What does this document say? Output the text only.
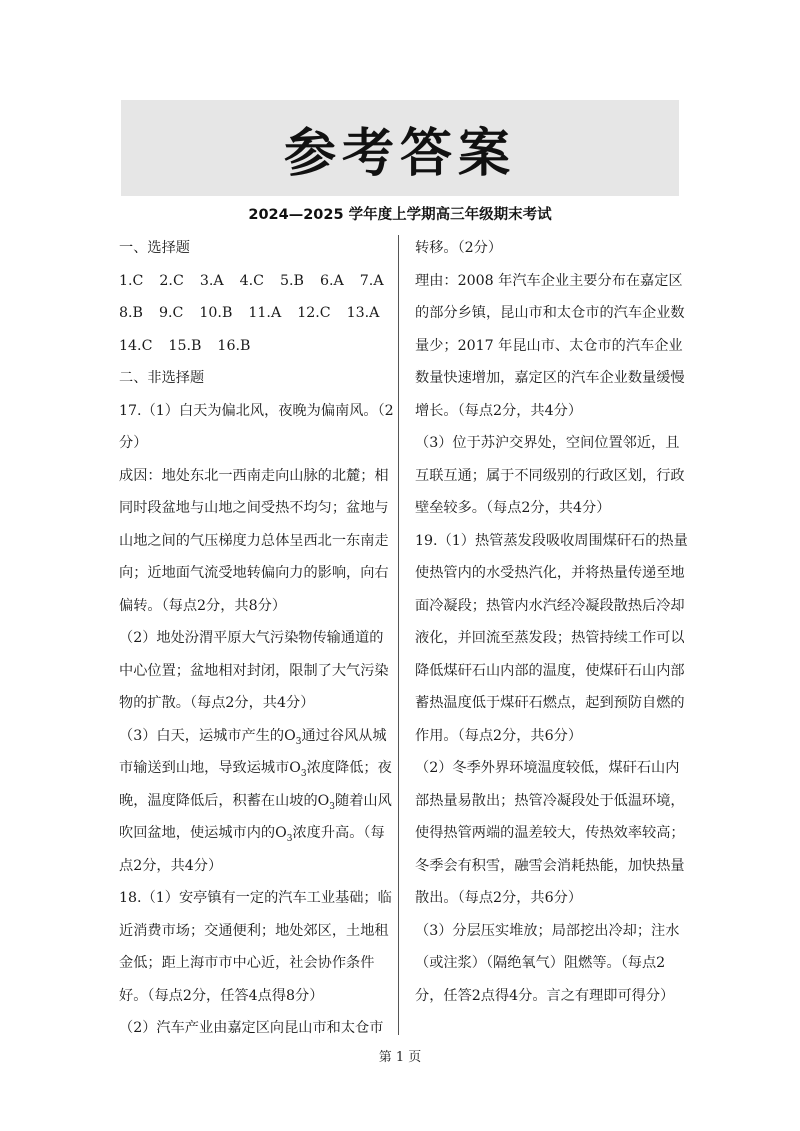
参考答案
2024—2025 学年度上学期高三年级期末考试

一、选择题

1.C 2.C 3.A 4.C 5.B 6.A 7.A
8.B 9.C 10.B 11.A 12.C 13.A
14.C 15.B 16.B

二、非选择题

17.（1）白天为偏北风，夜晚为偏南风。（2分）

成因：地处东北一西南走向山脉的北麓；相同时段盆地与山地之间受热不均匀；盆地与山地之间的气压梯度力总体呈西北一东南走向；近地面气流受地转偏向力的影响，向右偏转。（每点2分，共8分）

（2）地处汾渭平原大气污染物传输通道的中心位置；盆地相对封闭，限制了大气污染物的扩散。（每点2分，共4分）

（3）白天，运城市产生的$O_3$通过谷风从城市输送到山地，导致运城市$O_3$浓度降低；夜晚，温度降低后，积蓄在山坡的$O_3$随着山风吹回盆地，使运城市内的$O_3$浓度升高。（每点2分，共4分）

18.（1）安亭镇有一定的汽车工业基础；临近消费市场；交通便利；地处郊区，土地租金低；距上海市市中心近，社会协作条件好。（每点2分，任答4点得8分）

（2）汽车产业由嘉定区向昆山市和太仓市

转移。（2分）

理由：2008 年汽车企业主要分布在嘉定区的部分乡镇，昆山市和太仓市的汽车企业数量少；2017 年昆山市、太仓市的汽车企业数量快速增加，嘉定区的汽车企业数量缓慢增长。（每点2分，共4分）

（3）位于苏沪交界处，空间位置邻近，且互联互通；属于不同级别的行政区划，行政壁垒较多。（每点2分，共4分）

19.（1）热管蒸发段吸收周围煤矸石的热量使热管内的水受热汽化，并将热量传递至地面冷凝段；热管内水汽经冷凝段散热后冷却液化，并回流至蒸发段；热管持续工作可以降低煤矸石山内部的温度，使煤矸石山内部蓄热温度低于煤矸石燃点，起到预防自燃的作用。（每点2分，共6分）

（2）冬季外界环境温度较低，煤矸石山内部热量易散出；热管冷凝段处于低温环境，使得热管两端的温差较大，传热效率较高；冬季会有积雪，融雪会消耗热能，加快热量散出。（每点2分，共6分）

（3）分层压实堆放；局部挖出冷却；注水（或注浆）（隔绝氧气）阻燃等。（每点2分，任答2点得4分。言之有理即可得分）

第 1 页
